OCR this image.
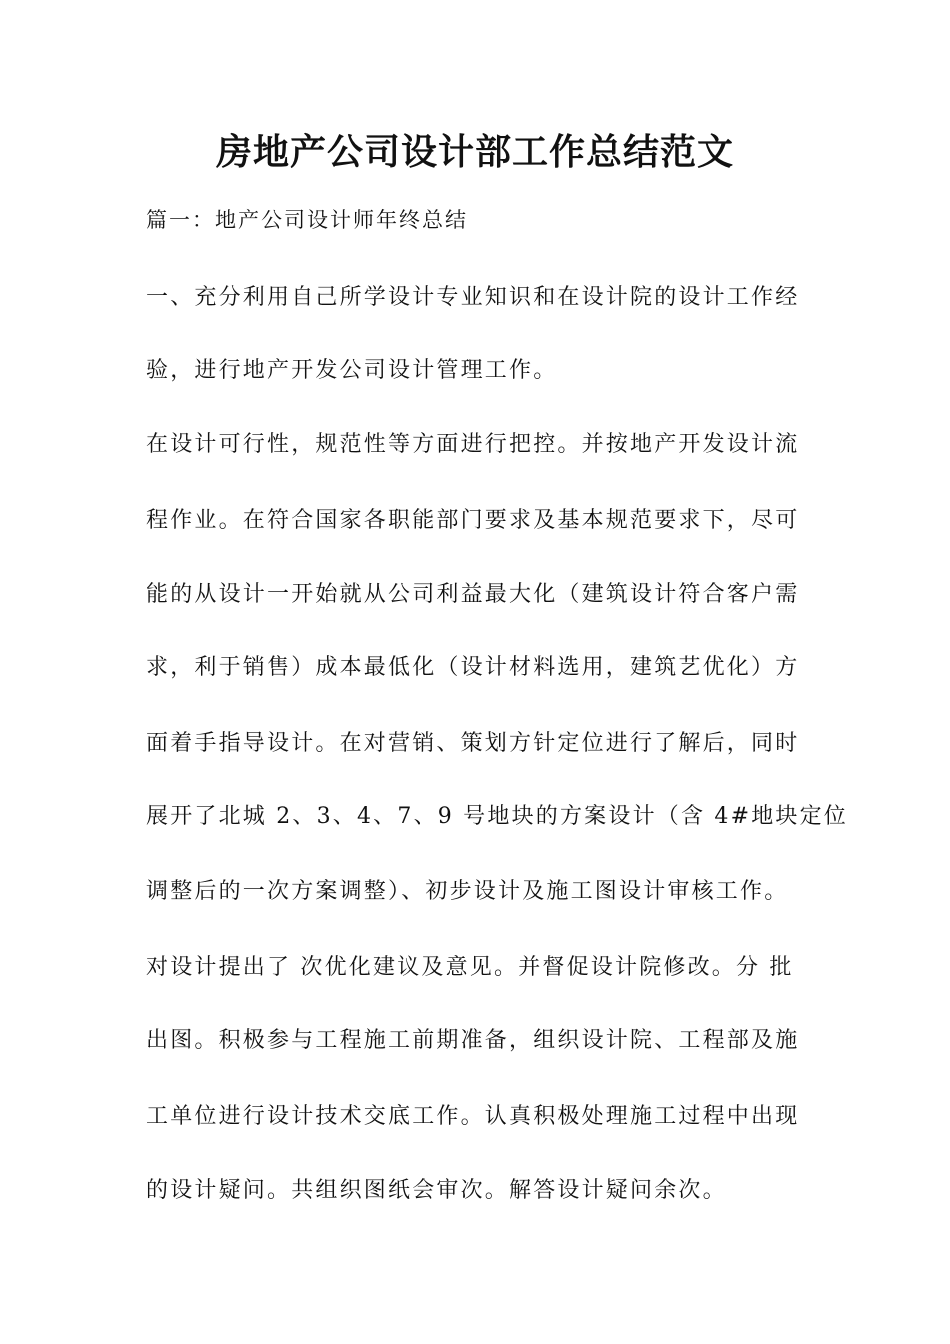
房地产公司设计部工作总结范文
篇一：地产公司设计师年终总结
一、充分利用自己所学设计专业知识和在设计院的设计工作经
验，进行地产开发公司设计管理工作。
在设计可行性，规范性等方面进行把控。并按地产开发设计流
程作业。在符合国家各职能部门要求及基本规范要求下，尽可
能的从设计一开始就从公司利益最大化（建筑设计符合客户需
求，利于销售）成本最低化（设计材料选用，建筑艺优化）方
面着手指导设计。在对营销、策划方针定位进行了解后，同时
展开了北城 2、3、4、7、9 号地块的方案设计（含 4#地块定位
调整后的一次方案调整）、初步设计及施工图设计审核工作。
对设计提出了 次优化建议及意见。并督促设计院修改。分 批
出图。积极参与工程施工前期准备，组织设计院、工程部及施
工单位进行设计技术交底工作。认真积极处理施工过程中出现
的设计疑问。共组织图纸会审次。解答设计疑问余次。
